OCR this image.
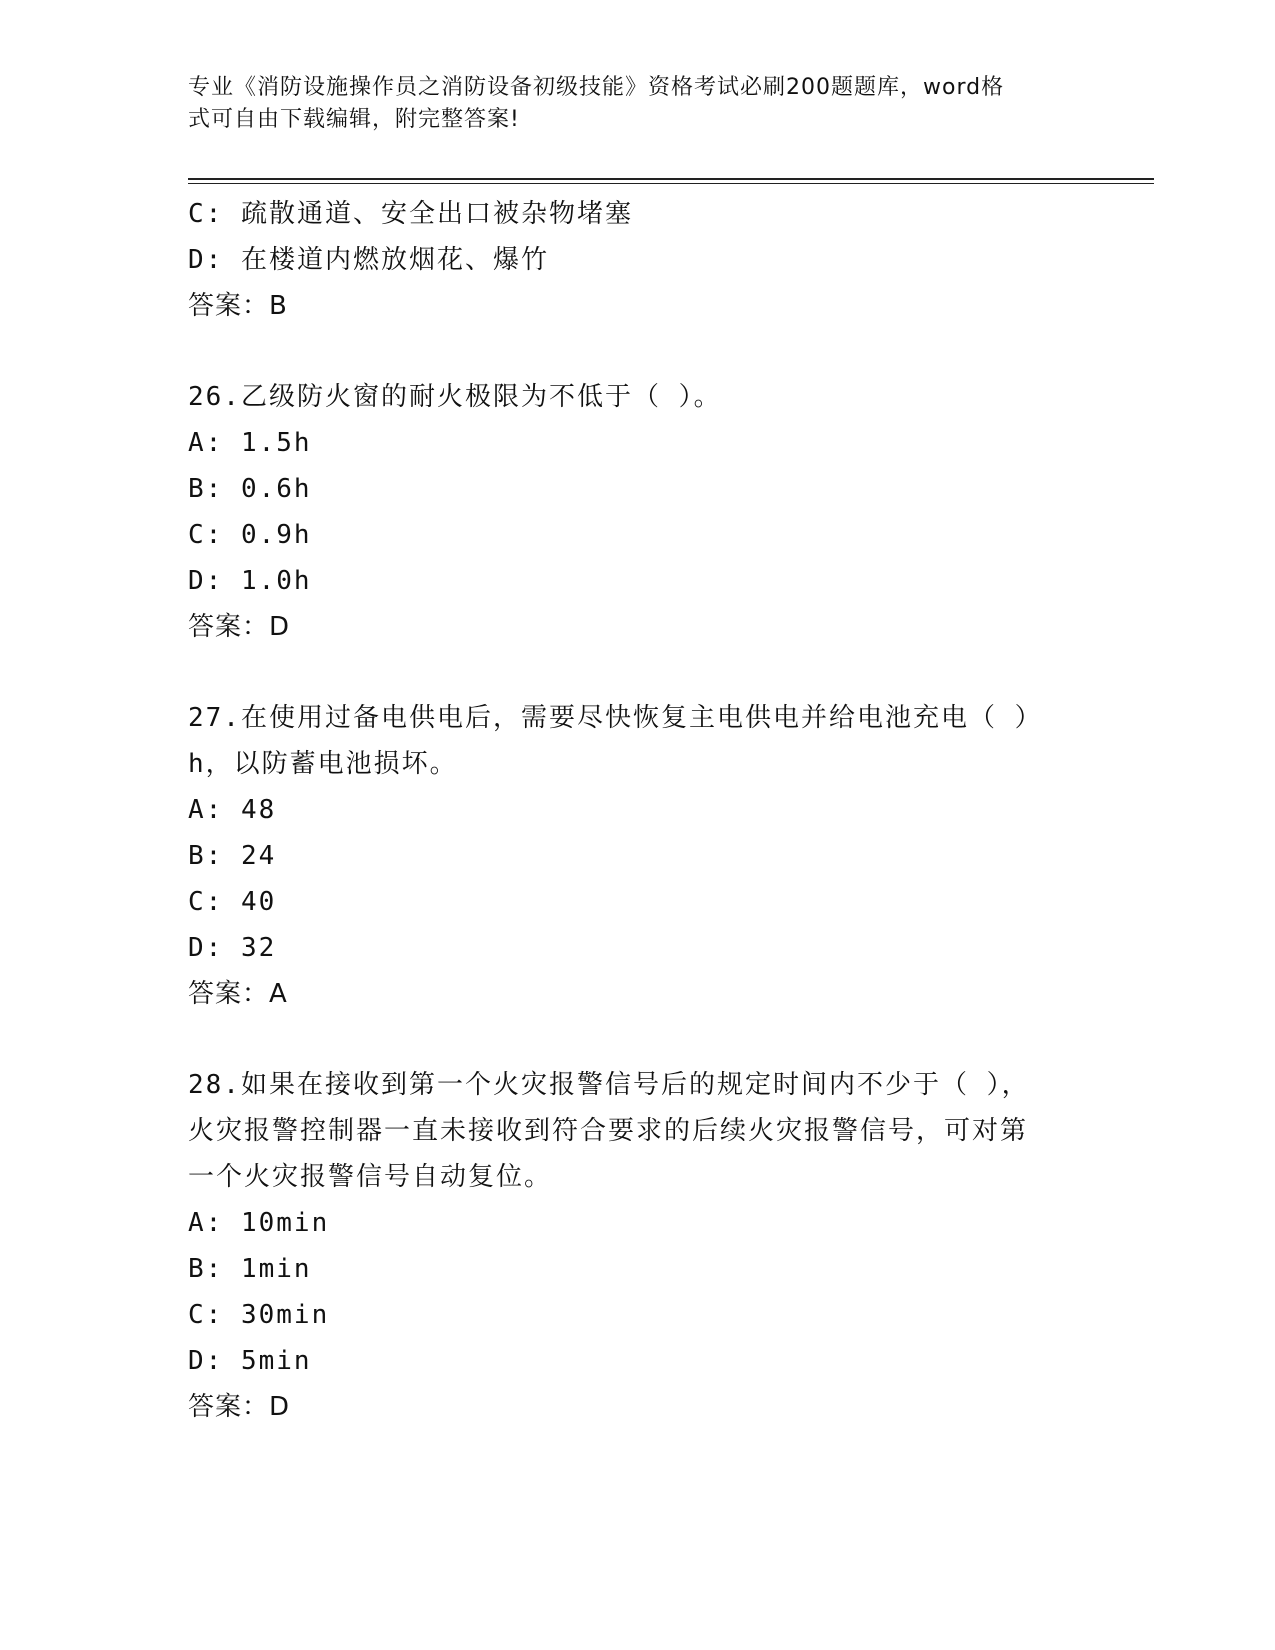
专业《消防设施操作员之消防设备初级技能》资格考试必刷200题题库，word格
式可自由下载编辑，附完整答案!
C: 疏散通道、安全出口被杂物堵塞
D: 在楼道内燃放烟花、爆竹
答案：B
26.乙级防火窗的耐火极限为不低于（ ）。
A: 1.5h
B: 0.6h
C: 0.9h
D: 1.0h
答案：D
27.在使用过备电供电后，需要尽快恢复主电供电并给电池充电（ ）
h，以防蓄电池损坏。
A: 48
B: 24
C: 40
D: 32
答案：A
28.如果在接收到第一个火灾报警信号后的规定时间内不少于（ ），
火灾报警控制器一直未接收到符合要求的后续火灾报警信号，可对第
一个火灾报警信号自动复位。
A: 10min
B: 1min
C: 30min
D: 5min
答案：D
